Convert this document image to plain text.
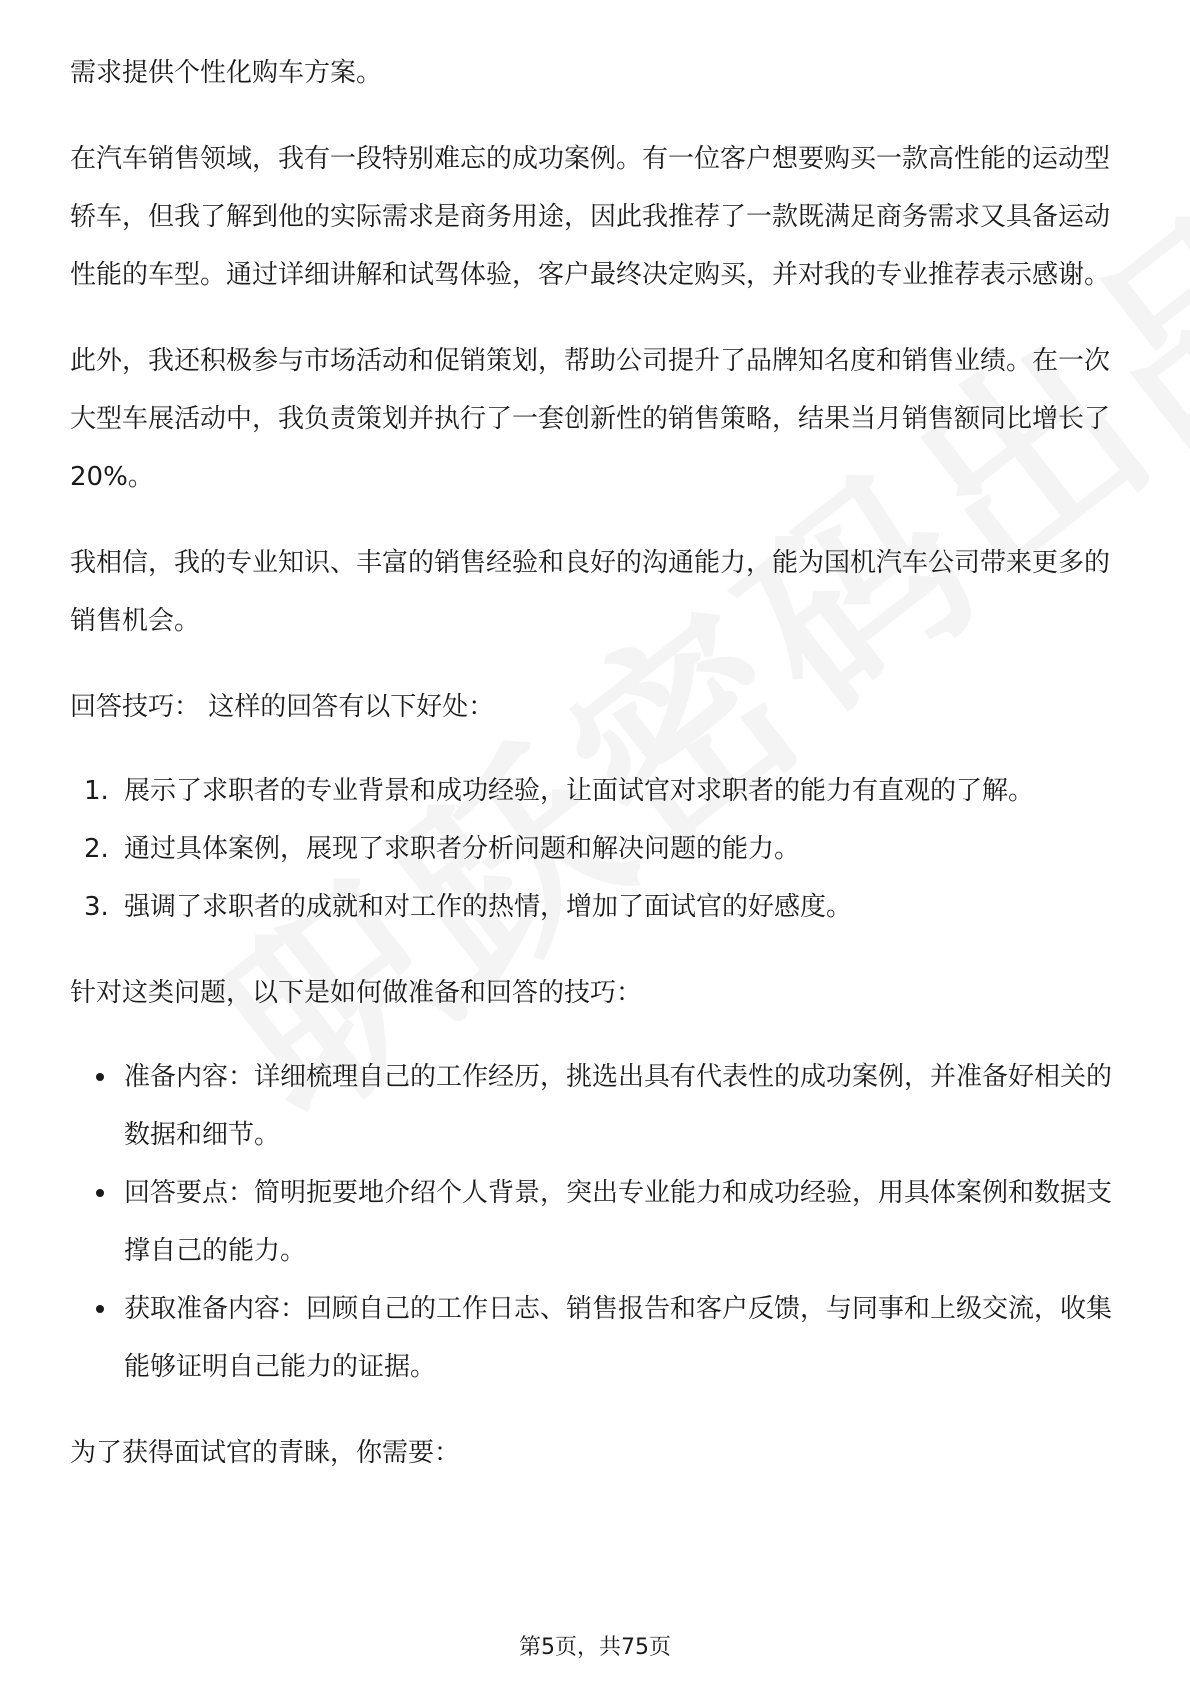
需求提供个性化购车方案。

在汽车销售领域，我有一段特别难忘的成功案例。有一位客户想要购买一款高性能的运动型轿车，但我了解到他的实际需求是商务用途，因此我推荐了一款既满足商务需求又具备运动性能的车型。通过详细讲解和试驾体验，客户最终决定购买，并对我的专业推荐表示感谢。

此外，我还积极参与市场活动和促销策划，帮助公司提升了品牌知名度和销售业绩。在一次大型车展活动中，我负责策划并执行了一套创新性的销售策略，结果当月销售额同比增长了20%。

我相信，我的专业知识、丰富的销售经验和良好的沟通能力，能为国机汽车公司带来更多的销售机会。

回答技巧： 这样的回答有以下好处：

1. 展示了求职者的专业背景和成功经验，让面试官对求职者的能力有直观的了解。
2. 通过具体案例，展现了求职者分析问题和解决问题的能力。
3. 强调了求职者的成就和对工作的热情，增加了面试官的好感度。

针对这类问题，以下是如何做准备和回答的技巧：

准备内容：详细梳理自己的工作经历，挑选出具有代表性的成功案例，并准备好相关的数据和细节。
回答要点：简明扼要地介绍个人背景，突出专业能力和成功经验，用具体案例和数据支撑自己的能力。
获取准备内容：回顾自己的工作日志、销售报告和客户反馈，与同事和上级交流，收集能够证明自己能力的证据。

为了获得面试官的青睐，你需要：

第5页，共75页
